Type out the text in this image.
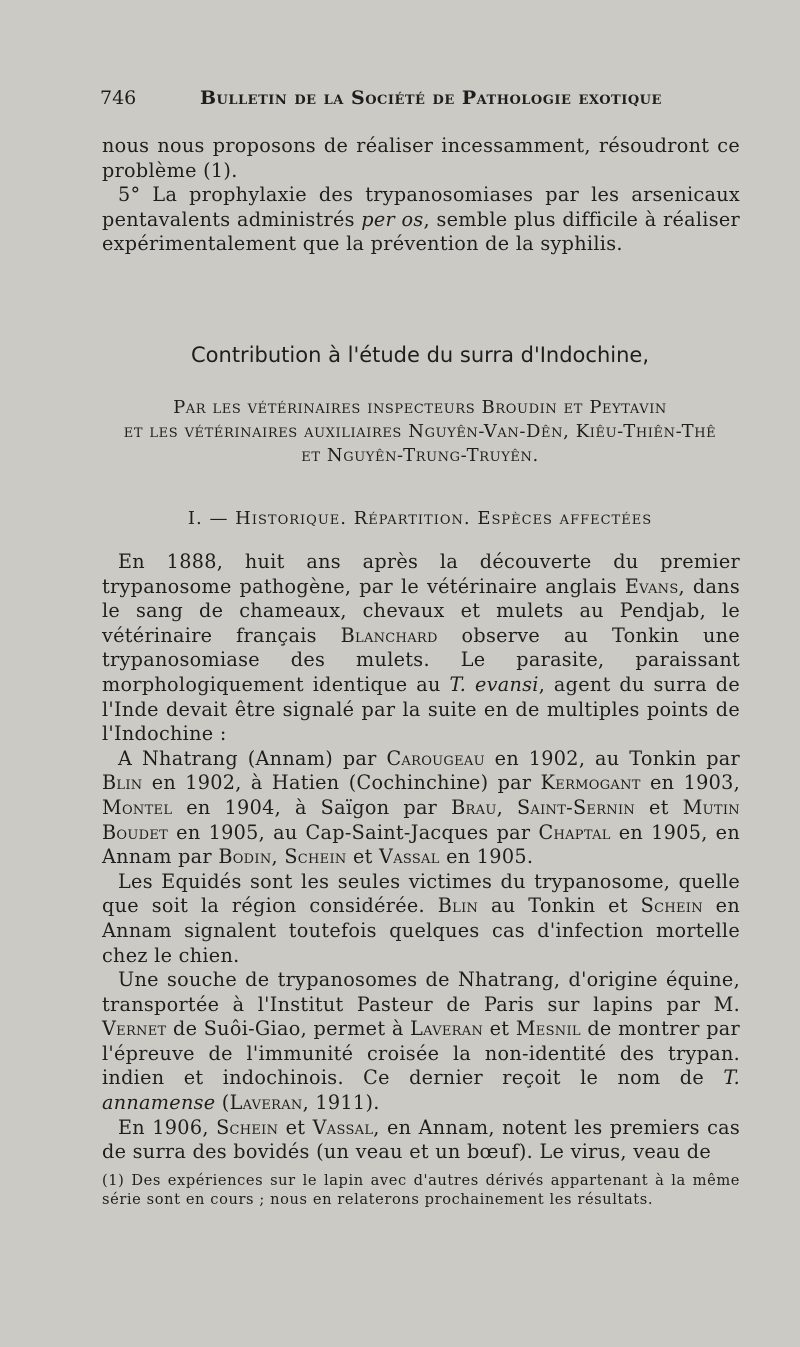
746	Bulletin de la Société de Pathologie exotique

nous nous proposons de réaliser incessamment, résoudront ce problème (1).

5° La prophylaxie des trypanosomiases par les arsenicaux pentavalents administrés per os, semble plus difficile à réaliser expérimentalement que la prévention de la syphilis.

Contribution à l'étude du surra d'Indochine,
Par les vétérinaires inspecteurs Broudin et Peytavin
et les vétérinaires auxiliaires Nguyên-Van-Dên, Kiêu-Thiên-Thê
et Nguyên-Trung-Truyên.
I. — Historique. Répartition. Espèces affectées

En 1888, huit ans après la découverte du premier trypanosome pathogène, par le vétérinaire anglais Evans, dans le sang de chameaux, chevaux et mulets au Pendjab, le vétérinaire français Blanchard observe au Tonkin une trypanosomiase des mulets. Le parasite, paraissant morphologiquement identique au T. evansi, agent du surra de l'Inde devait être signalé par la suite en de multiples points de l'Indochine :

A Nhatrang (Annam) par Carougeau en 1902, au Tonkin par Blin en 1902, à Hatien (Cochinchine) par Kermogant en 1903, Montel en 1904, à Saïgon par Brau, Saint-Sernin et Mutin Boudet en 1905, au Cap-Saint-Jacques par Chaptal en 1905, en Annam par Bodin, Schein et Vassal en 1905.

Les Equidés sont les seules victimes du trypanosome, quelle que soit la région considérée. Blin au Tonkin et Schein en Annam signalent toutefois quelques cas d'infection mortelle chez le chien.

Une souche de trypanosomes de Nhatrang, d'origine équine, transportée à l'Institut Pasteur de Paris sur lapins par M. Vernet de Suôi-Giao, permet à Laveran et Mesnil de montrer par l'épreuve de l'immunité croisée la non-identité des trypan. indien et indochinois. Ce dernier reçoit le nom de T. annamense (Laveran, 1911).

En 1906, Schein et Vassal, en Annam, notent les premiers cas de surra des bovidés (un veau et un bœuf). Le virus, veau de

(1) Des expériences sur le lapin avec d'autres dérivés appartenant à la même série sont en cours ; nous en relaterons prochainement les résultats.
